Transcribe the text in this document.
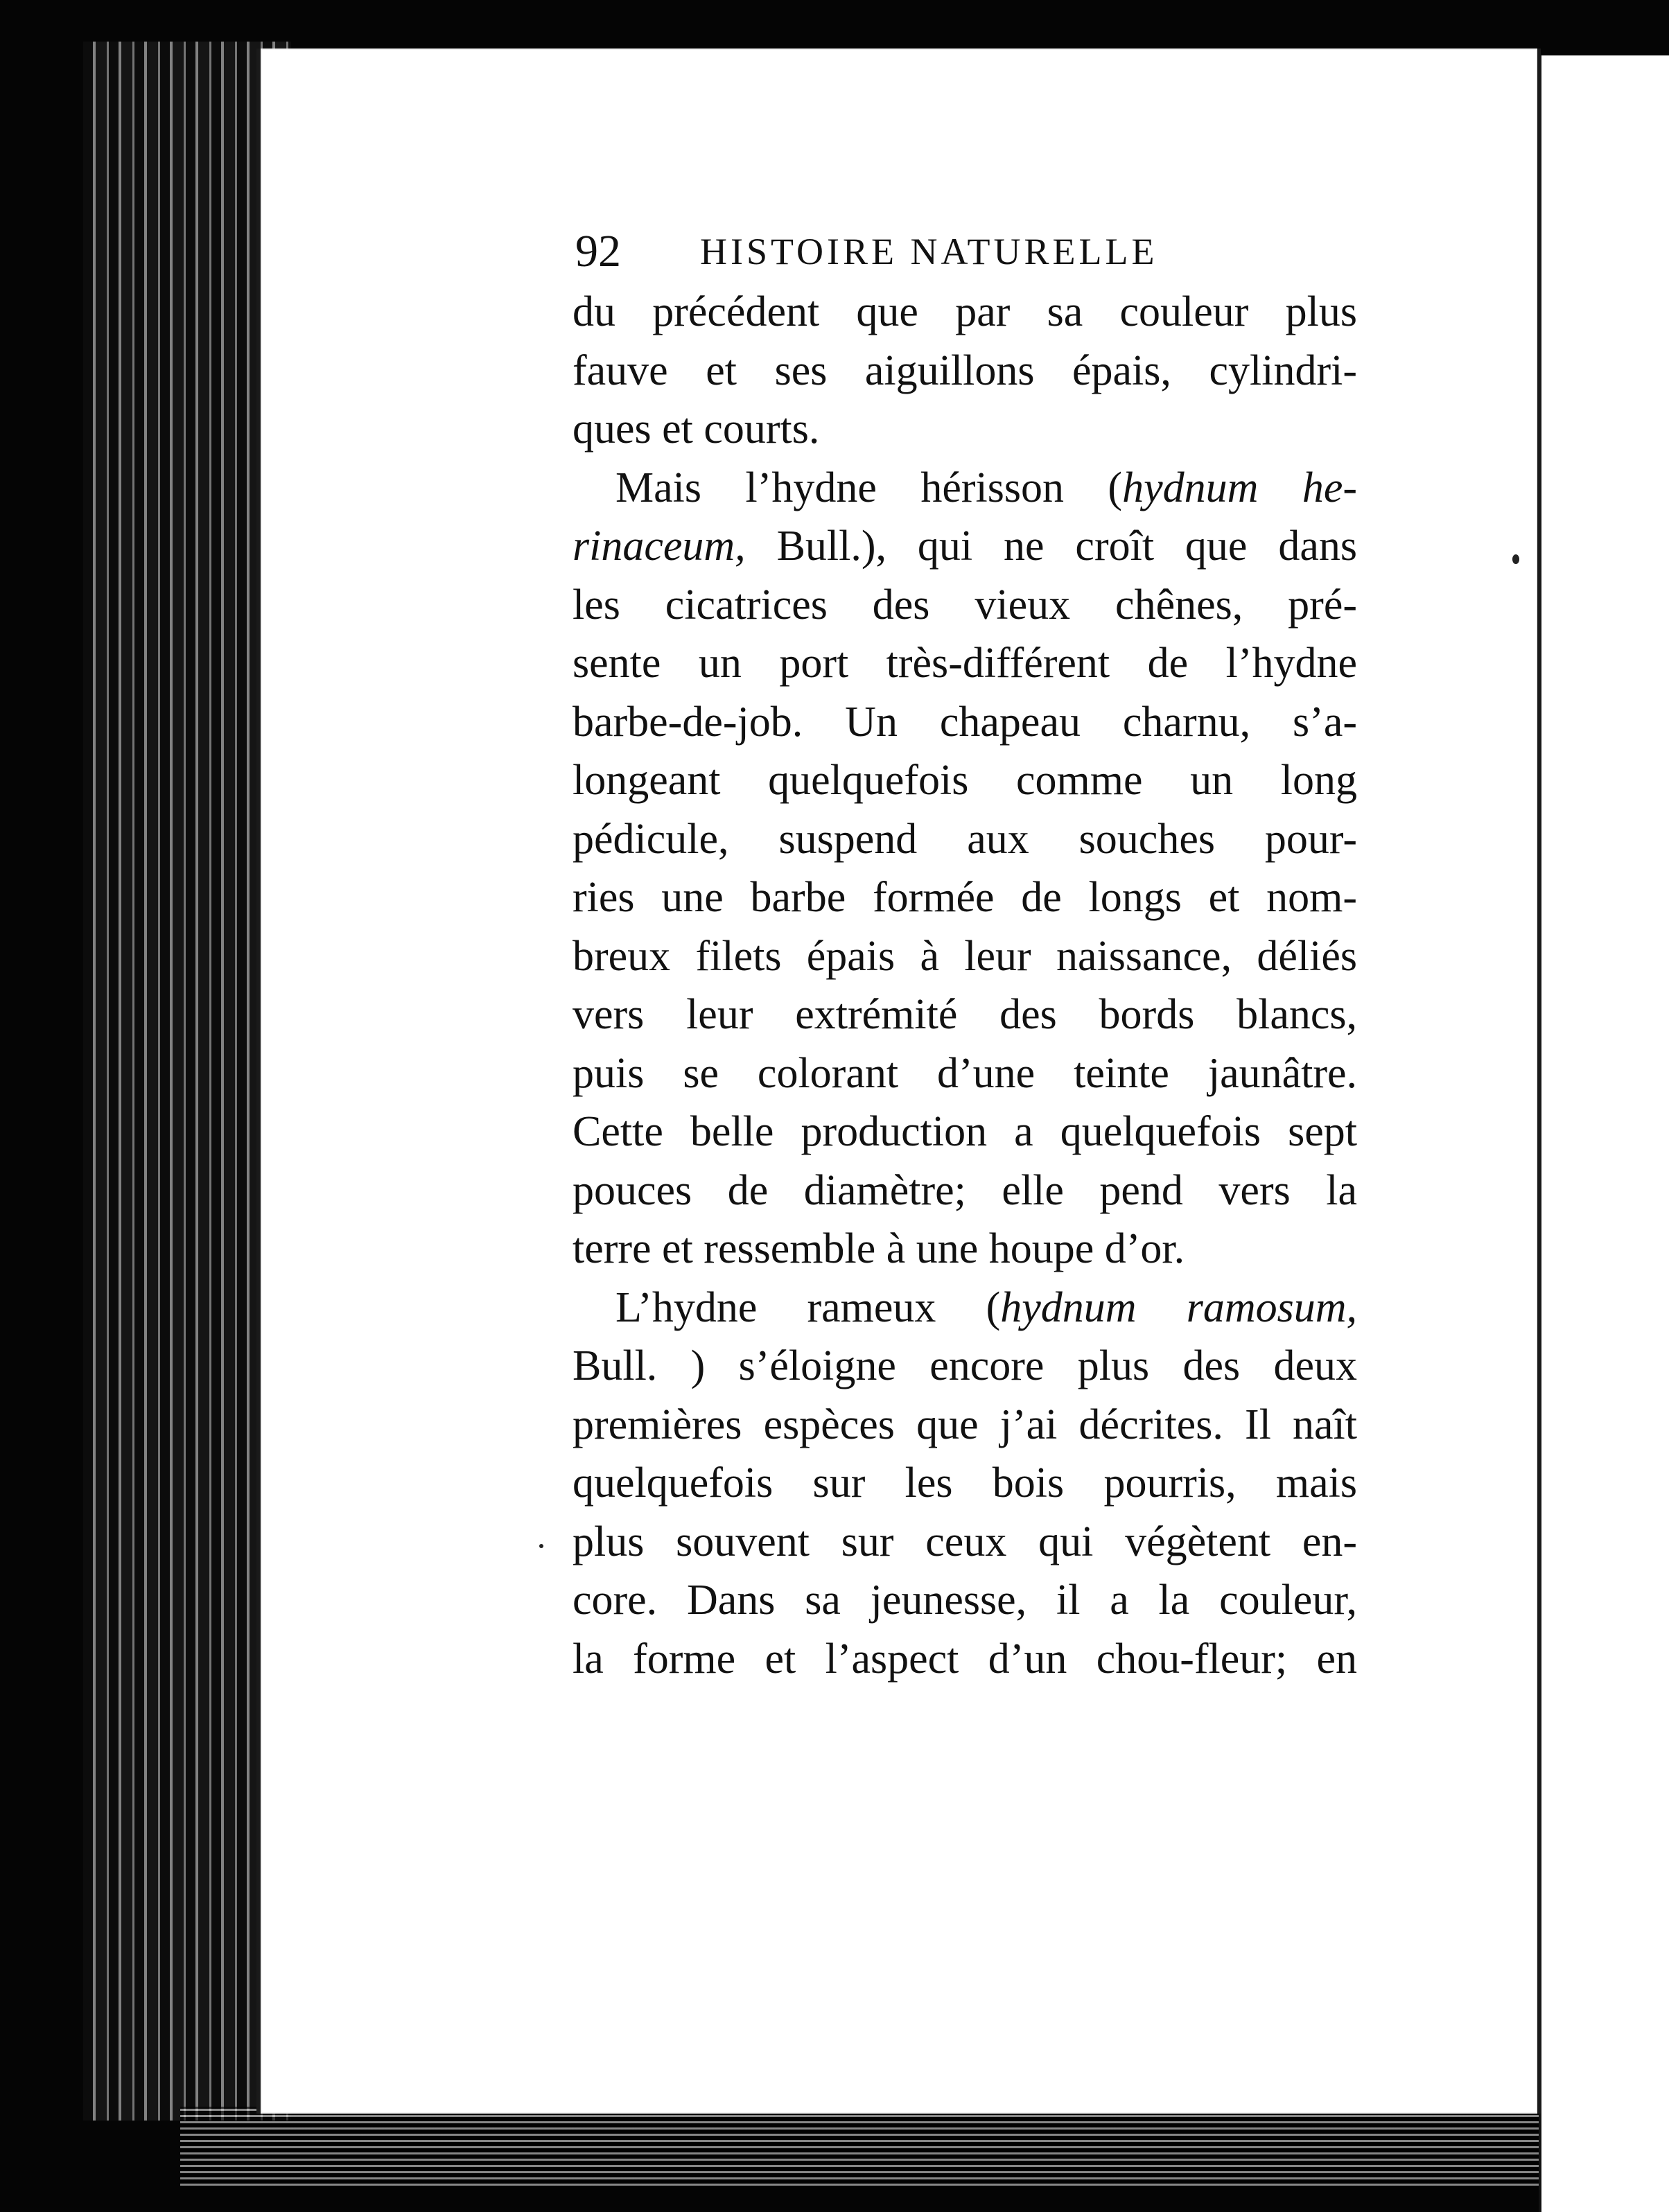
92 HISTOIRE NATURELLE
du précédent que par sa couleur plus
fauve et ses aiguillons épais, cylindri-
ques et courts.
Mais l’hydne hérisson (hydnum he-
rinaceum, Bull.), qui ne croît que dans
les cicatrices des vieux chênes, pré-
sente un port très-différent de l’hydne
barbe-de-job. Un chapeau charnu, s’a-
longeant quelquefois comme un long
pédicule, suspend aux souches pour-
ries une barbe formée de longs et nom-
breux filets épais à leur naissance, déliés
vers leur extrémité des bords blancs,
puis se colorant d’une teinte jaunâtre.
Cette belle production a quelquefois sept
pouces de diamètre; elle pend vers la
terre et ressemble à une houpe d’or.
L’hydne rameux (hydnum ramosum,
Bull. ) s’éloigne encore plus des deux
premières espèces que j’ai décrites. Il naît
quelquefois sur les bois pourris, mais
plus souvent sur ceux qui végètent en-
core. Dans sa jeunesse, il a la couleur,
la forme et l’aspect d’un chou-fleur; en
